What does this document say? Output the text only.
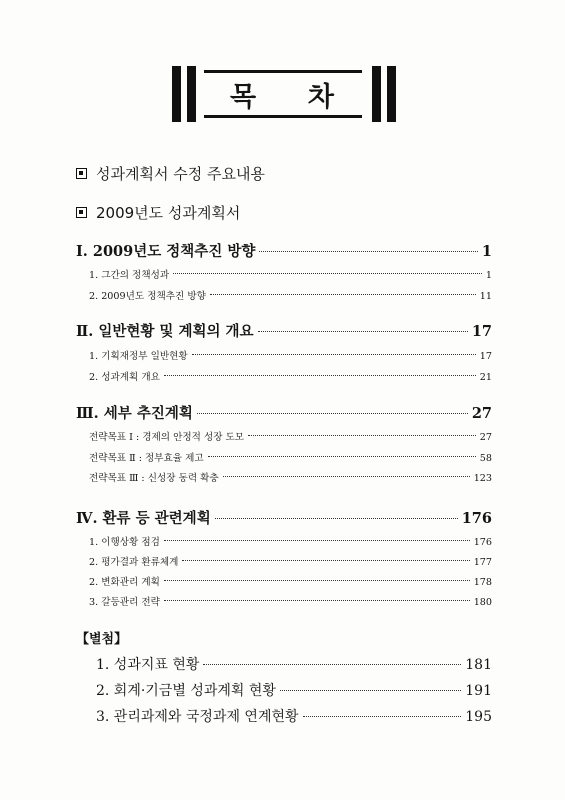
목 차
성과계획서 수정 주요내용
2009년도 성과계획서
Ⅰ. 2009년도 정책추진 방향	1
1. 그간의 정책성과	1
2. 2009년도 정책추진 방향	11
Ⅱ. 일반현황 및 계획의 개요	17
1. 기획재정부 일반현황	17
2. 성과계획 개요	21
Ⅲ. 세부 추진계획	27
전략목표 Ⅰ : 경제의 안정적 성장 도모	27
전략목표 Ⅱ : 정부효율 제고	58
전략목표 Ⅲ : 신성장 동력 확충	123
Ⅳ. 환류 등 관련계획	176
1. 이행상황 점검	176
2. 평가결과 환류체계	177
2. 변화관리 계획	178
3. 갈등관리 전략	180
【별첨】
1. 성과지표 현황	181
2. 회계·기금별 성과계획 현황	191
3. 관리과제와 국정과제 연계현황	195
